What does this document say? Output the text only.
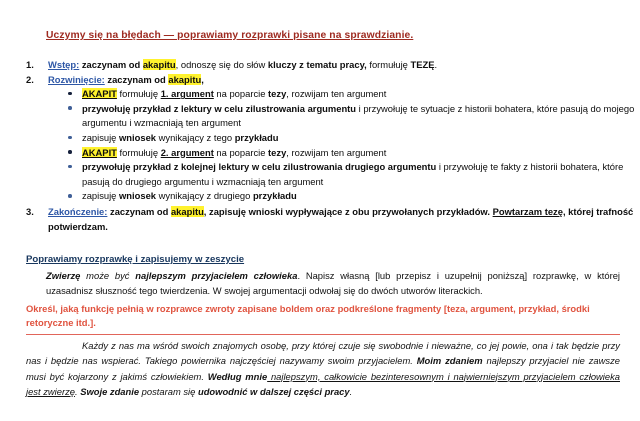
Uczymy się na błędach — poprawiamy rozprawki pisane na sprawdzianie.
1. Wstęp: zaczynam od akapitu, odnoszę się do słów kluczy z tematu pracy, formułuję TEZĘ.
2. Rozwinięcie: zaczynam od akapitu,
AKAPIT formułuję 1. argument na poparcie tezy, rozwijam ten argument
przywołuję przykład z lektury w celu zilustrowania argumentu i przywołuję te sytuacje z historii bohatera, które pasują do mojego argumentu i wzmacniają ten argument
zapisuję wniosek wynikający z tego przykładu
AKAPIT formułuję 2. argument na poparcie tezy, rozwijam ten argument
przywołuję przykład z kolejnej lektury w celu zilustrowania drugiego argumentu i przywołuję te fakty z historii bohatera, które pasują do drugiego argumentu i wzmacniają ten argument
zapisuję wniosek wynikający z drugiego przykładu
3. Zakończenie: zaczynam od akapitu, zapisuję wnioski wypływające z obu przywołanych przykładów. Powtarzam tezę, której trafność potwierdzam.
Poprawiamy rozprawkę i zapisujemy w zeszycie
Zwierzę może być najlepszym przyjacielem człowieka. Napisz własną [lub przepisz i uzupełnij poniższą] rozprawkę, w której uzasadnisz słuszność tego twierdzenia. W swojej argumentacji odwołaj się do dwóch utworów literackich.
Określ, jaką funkcję pełnią w rozprawce zwroty zapisane boldem oraz podkreślone fragmenty [teza, argument, przykład, środki retoryczne itd.].

Każdy z nas ma wśród swoich znajomych osobę, przy której czuje się swobodnie i nieważne, co jej powie, ona i tak będzie przy nas i będzie nas wspierać. Takiego powiernika najczęściej nazywamy swoim przyjacielem. Moim zdaniem najlepszy przyjaciel nie zawsze musi być kojarzony z jakimś człowiekiem. Według mnie najlepszym, całkowicie bezinteresownym i najwierniejszym przyjacielem człowieka jest zwierzę. Swoje zdanie postaram się udowodnić w dalszej części pracy.
